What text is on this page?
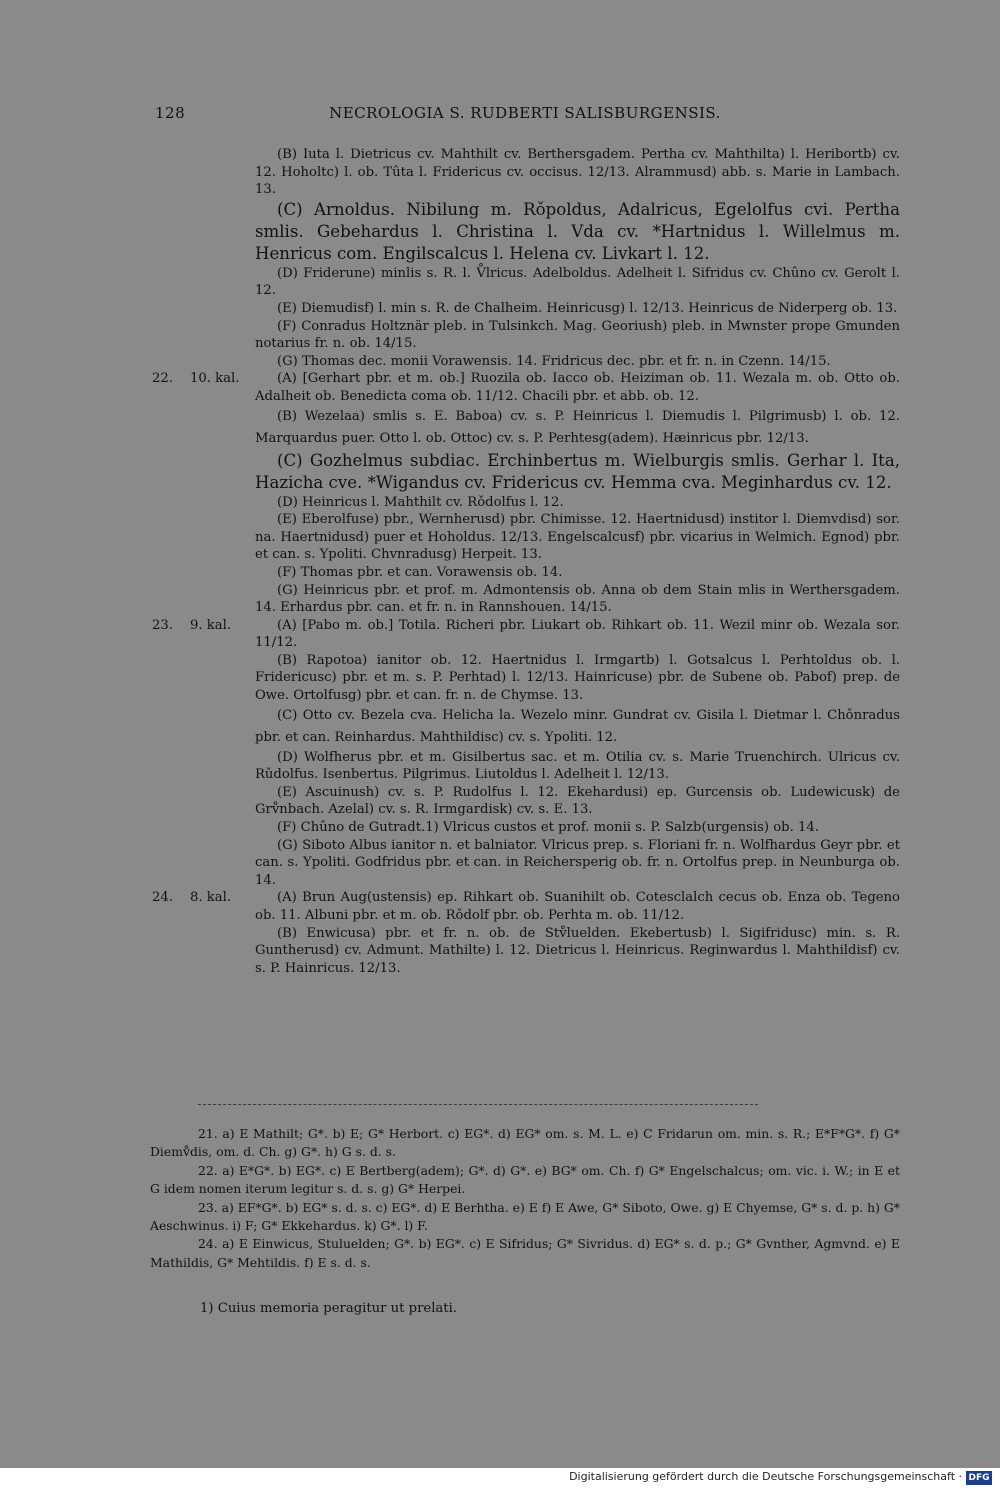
128	NECROLOGIA S. RUDBERTI SALISBURGENSIS.
(B) Iuta l. Dietricus cv. Mahthilt cv. Berthersgadem. Pertha cv. Mahthilta) l. Heribortb) cv. 12. Hoholtc) l. ob. Tûta l. Fridericus cv. occisus. 12/13. Alrammusd) abb. s. Marie in Lambach. 13.
(C) Arnoldus. Nibilung m. Rǒpoldus, Adalricus, Egelolfus cvi. Pertha smlis. Gebehardus l. Christina l. Vda cv. *Hartnidus l. Willelmus m. Henricus com. Engilscalcus l. Helena cv. Livkart l. 12.
(D) Friderune) minlis s. R. l. V̊lricus. Adelboldus. Adelheit l. Sifridus cv. Chûno cv. Gerolt l. 12.
(E) Diemudisf) l. min s. R. de Chalheim. Heinricusg) l. 12/13. Heinricus de Niderperg ob. 13.
(F) Conradus Holtznär pleb. in Tulsinkch. Mag. Georiush) pleb. in Mwnster prope Gmunden notarius fr. n. ob. 14/15.
(G) Thomas dec. monii Vorawensis. 14. Fridricus dec. pbr. et fr. n. in Czenn. 14/15.
22. 10. kal.	(A) [Gerhart pbr. et m. ob.] Ruozila ob. Iacco ob. Heiziman ob. 11. Wezala m. ob. Otto ob. Adalheit ob. Benedicta coma ob. 11/12. Chacili pbr. et abb. ob. 12.
(B) Wezelaa) smlis s. E. Baboa) cv. s. P. Heinricus l. Diemudis l. Pilgrimusb) l. ob. 12. Marquardus puer. Otto l. ob. Ottoc) cv. s. P. Perhtesg(adem). Hæinricus pbr. 12/13.
(C) Gozhelmus subdiac. Erchinbertus m. Wielburgis smlis. Gerhar l. Ita, Hazicha cve. *Wigandus cv. Fridericus cv. Hemma cva. Meginhardus cv. 12.
(D) Heinricus l. Mahthilt cv. Rǒdolfus l. 12.
(E) Eberolfuse) pbr., Wernherusd) pbr. Chimisse. 12. Haertnidusd) institor l. Diemvdisd) sor. na. Haertnidusd) puer et Hoholdus. 12/13. Engelscalcusf) pbr. vicarius in Welmich. Egnod) pbr. et can. s. Ypoliti. Chvnradusg) Herpeit. 13.
(F) Thomas pbr. et can. Vorawensis ob. 14.
(G) Heinricus pbr. et prof. m. Admontensis ob. Anna ob dem Stain mlis in Werthersgadem. 14. Erhardus pbr. can. et fr. n. in Rannshouen. 14/15.
23. 9. kal.	(A) [Pabo m. ob.] Totila. Richeri pbr. Liukart ob. Rihkart ob. 11. Wezil minr ob. Wezala sor. 11/12.
(B) Rapotoa) ianitor ob. 12. Haertnidus l. Irmgartb) l. Gotsalcus l. Perhtoldus ob. l. Fridericusc) pbr. et m. s. P. Perhtad) l. 12/13. Hainricuse) pbr. de Subene ob. Pabof) prep. de Owe. Ortolfusg) pbr. et can. fr. n. de Chymse. 13.
(C) Otto cv. Bezela cva. Helicha la. Wezelo minr. Gundrat cv. Gisila l. Dietmar l. Chǒnradus pbr. et can. Reinhardus. Mahthildisc) cv. s. Ypoliti. 12.
(D) Wolfherus pbr. et m. Gisilbertus sac. et m. Otilia cv. s. Marie Truenchirch. Ulricus cv. Rǔdolfus. Isenbertus. Pilgrimus. Liutoldus l. Adelheit l. 12/13.
(E) Ascuinush) cv. s. P. Rudolfus l. 12. Ekehardusi) ep. Gurcensis ob. Ludewicusk) de Grv̊nbach. Azelal) cv. s. R. Irmgardisk) cv. s. E. 13.
(F) Chûno de Gutradt.1) Vlricus custos et prof. monii s. P. Salzb(urgensis) ob. 14.
(G) Siboto Albus ianitor n. et balniator. Vlricus prep. s. Floriani fr. n. Wolfhardus Geyr pbr. et can. s. Ypoliti. Godfridus pbr. et can. in Reichersperig ob. fr. n. Ortolfus prep. in Neunburga ob. 14.
24. 8. kal.	(A) Brun Aug(ustensis) ep. Rihkart ob. Suanihilt ob. Cotesclalch cecus ob. Enza ob. Tegeno ob. 11. Albuni pbr. et m. ob. Rǒdolf pbr. ob. Perhta m. ob. 11/12.
(B) Enwicusa) pbr. et fr. n. ob. de Stv̊luelden. Ekebertusb) l. Sigifridusc) min. s. R. Guntherusd) cv. Admunt. Mathilte) l. 12. Dietricus l. Heinricus. Reginwardus l. Mahthildisf) cv. s. P. Hainricus. 12/13.
21. a) E Mathilt; G*. b) E; G* Herbort. c) EG*. d) EG* om. s. M. L. e) C Fridarun om. min. s. R.; E*F*G*. f) G* Diemv̊dis, om. d. Ch. g) G*. h) G s. d. s.
22. a) E*G*. b) EG*. c) E Bertberg(adem); G*. d) G*. e) BG* om. Ch. f) G* Engelschalcus; om. vic. i. W.; in E et G idem nomen iterum legitur s. d. s. g) G* Herpei.
23. a) EF*G*. b) EG* s. d. s. c) EG*. d) E Berhtha. e) E f) E Awe, G* Siboto, Owe. g) E Chyemse, G* s. d. p. h) G* Aeschwinus. i) F; G* Ekkehardus. k) G*. l) F.
24. a) E Einwicus, Stuluelden; G*. b) EG*. c) E Sifridus; G* Sivridus. d) EG* s. d. p.; G* Gvnther, Agmvnd. e) E Mathildis, G* Mehtildis. f) E s. d. s.
1) Cuius memoria peragitur ut prelati.
Digitalisierung gefördert durch die Deutsche Forschungsgemeinschaft · DFG
